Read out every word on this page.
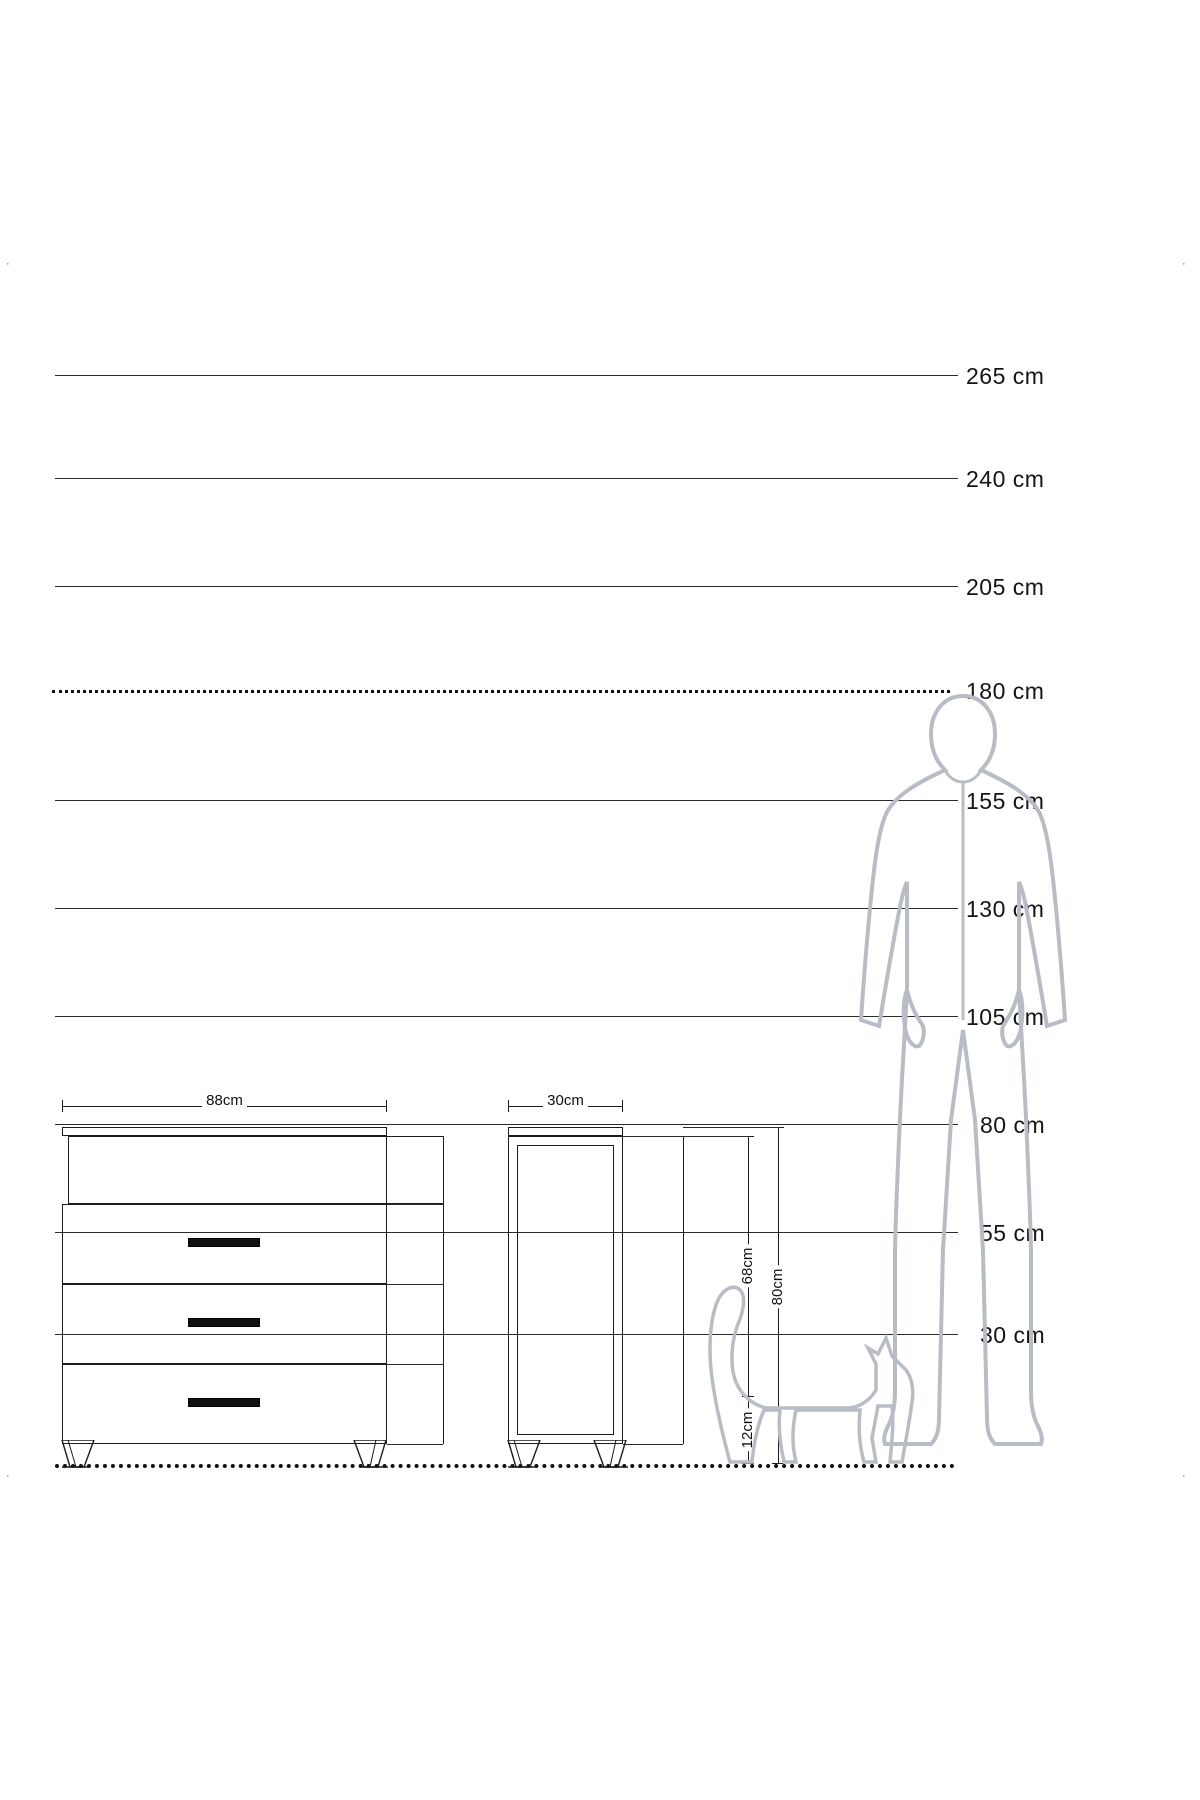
·	·
·	·
265 cm
240 cm
205 cm
180 cm
155 cm
130 cm
105 cm
80 cm
55 cm
30 cm
88cm	30cm
68cm
80cm
12cm
